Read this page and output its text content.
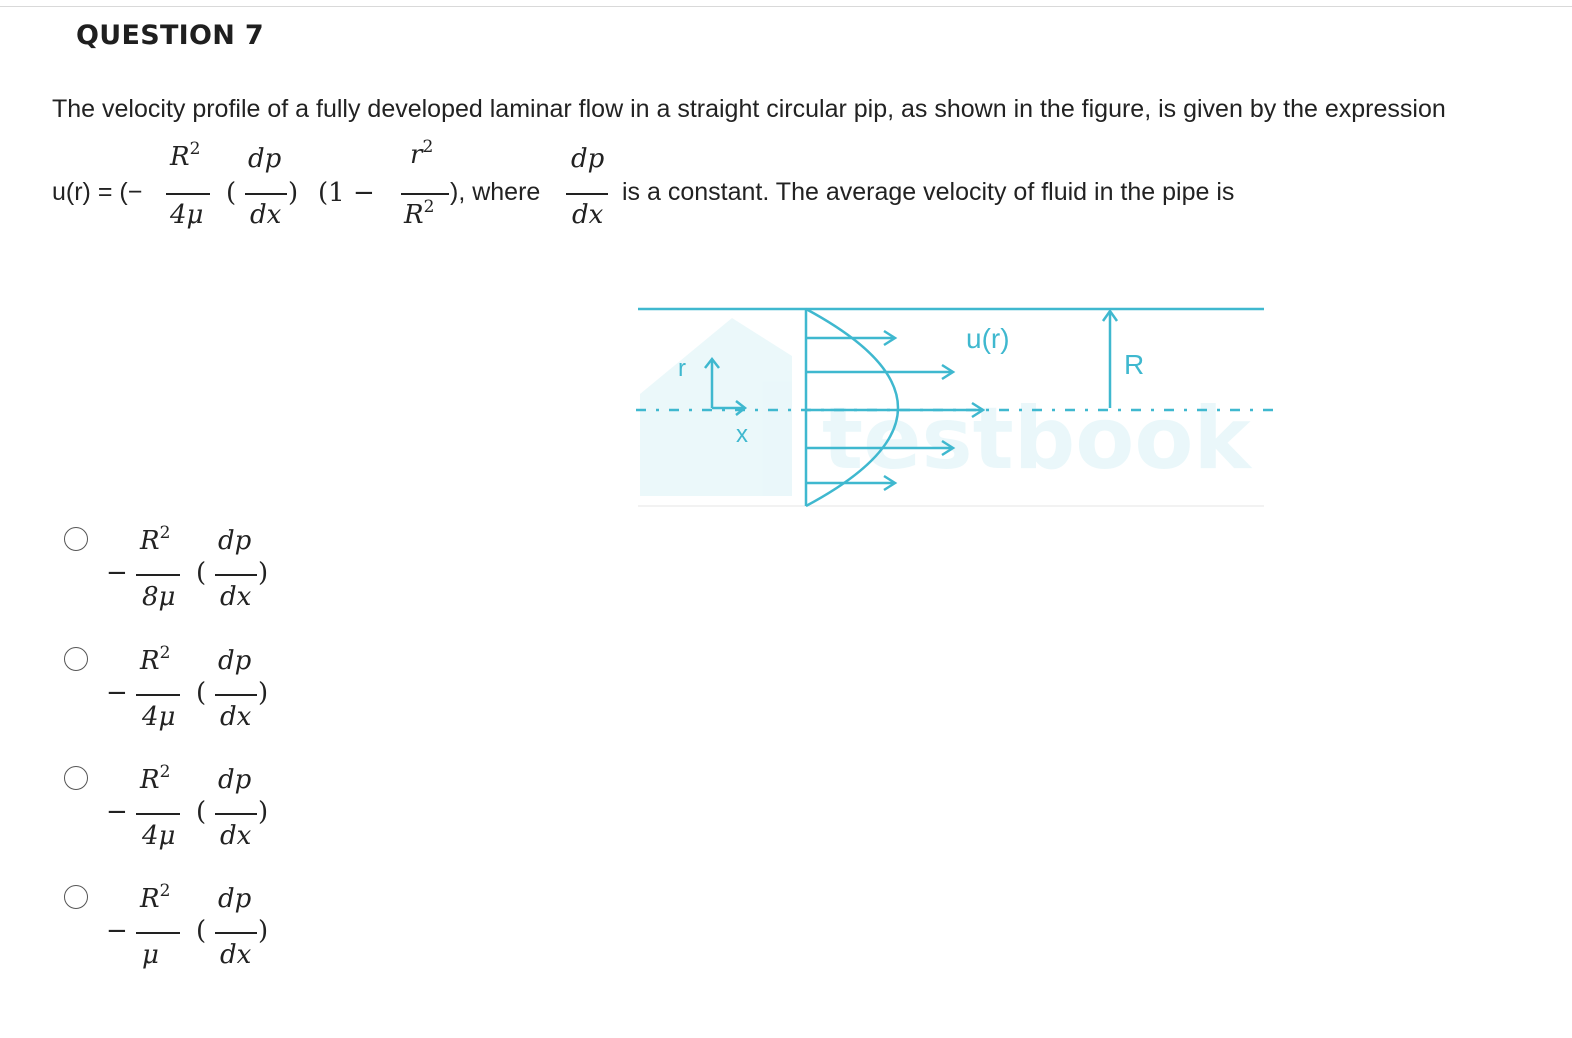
QUESTION 7
The velocity profile of a fully developed laminar flow in a straight circular pip, as shown in the figure, is given by the expression
u(r) = (−
$R^2$
4μ
(
dp
dx
) (1 −
$r^2$
$R^2$
), where
dp
dx
is a constant. The average velocity of fluid in the pipe is
testbook
r
x
u(r)
R
−
$R^2$
8μ
(
dp
dx
)
−
$R^2$
4μ
(
dp
dx
)
−
$R^2$
4μ
(
dp
dx
)
−
$R^2$
μ
(
dp
dx
)
